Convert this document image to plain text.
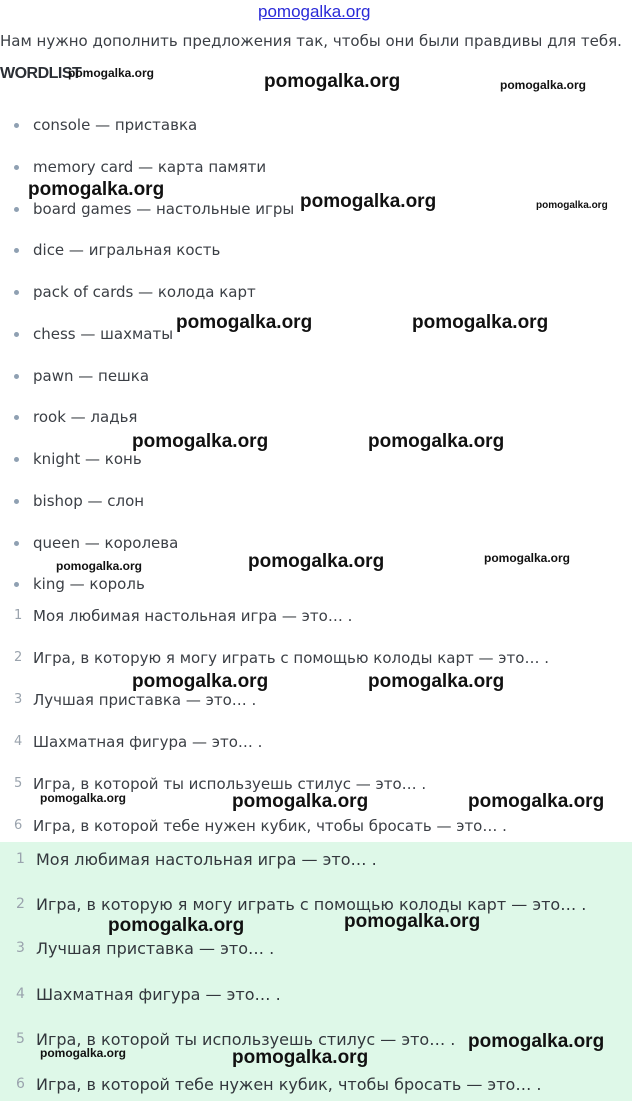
pomogalka.org
Нам нужно дополнить предложения так, чтобы они были правдивы для тебя.
WORDLIST
console — приставка
memory card — карта памяти
board games — настольные игры
dice — игральная кость
pack of cards — колода карт
chess — шахматы
pawn — пешка
rook — ладья
knight — конь
bishop — слон
queen — королева
king — король
1 Моя любимая настольная игра — это… .
2 Игра, в которую я могу играть с помощью колоды карт — это… .
3 Лучшая приставка — это… .
4 Шахматная фигура — это… .
5 Игра, в которой ты используешь стилус — это… .
6 Игра, в которой тебе нужен кубик, чтобы бросать — это… .
1 Моя любимая настольная игра — это… .
2 Игра, в которую я могу играть с помощью колоды карт — это… .
3 Лучшая приставка — это… .
4 Шахматная фигура — это… .
5 Игра, в которой ты используешь стилус — это… .
6 Игра, в которой тебе нужен кубик, чтобы бросать — это… .
pomogalka.org	pomogalka.org	pomogalka.org
pomogalka.org
pomogalka.org	pomogalka.org
pomogalka.org	pomogalka.org
pomogalka.org	pomogalka.org
pomogalka.org	pomogalka.org
pomogalka.org
pomogalka.org	pomogalka.org
pomogalka.org	pomogalka.org	pomogalka.org
pomogalka.org	pomogalka.org
pomogalka.org
pomogalka.org	pomogalka.org
